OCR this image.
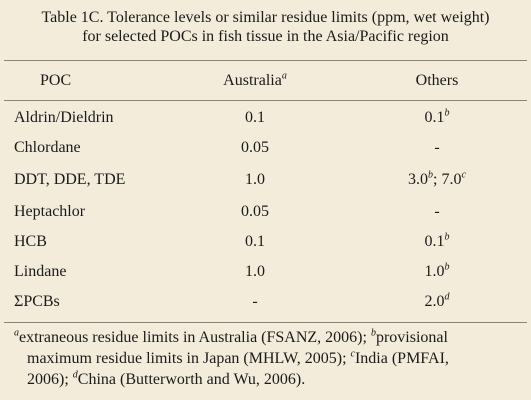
Table 1C. Tolerance levels or similar residue limits (ppm, wet weight)
for selected POCs in fish tissue in the Asia/Pacific region
POC	Australia$^a$	Others
Aldrin/Dieldrin	0.1	0.1$^b$
Chlordane	0.05	-
DDT, DDE, TDE	1.0	3.0$^b$; 7.0$^c$
Heptachlor	0.05	-
HCB	0.1	0.1$^b$
Lindane	1.0	1.0$^b$
ΣPCBs	-	2.0$^d$
$^a$extraneous residue limits in Australia (FSANZ, 2006); $^b$provisional
maximum residue limits in Japan (MHLW, 2005); $^c$India (PMFAI,
2006); $^d$China (Butterworth and Wu, 2006).
